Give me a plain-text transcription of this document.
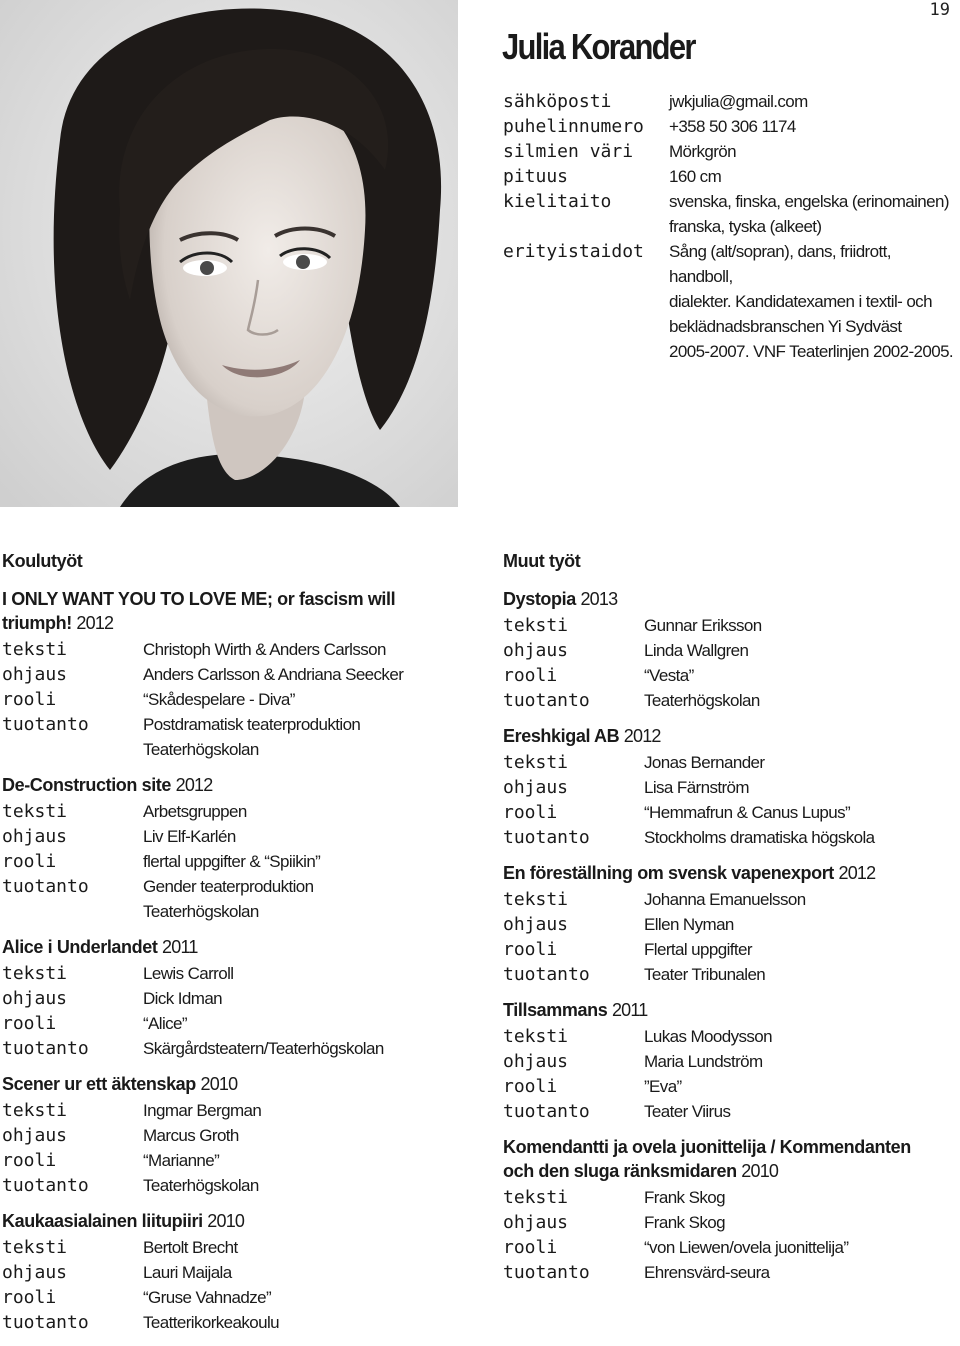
19
Julia Korander
sähköposti	jwkjulia@gmail.com
puhelinnumero	+358 50 306 1174
silmien väri	Mörkgrön
pituus	160 cm
kielitaito	svenska, finska, engelska (erinomainen)
franska, tyska (alkeet)
erityistaidot	Sång (alt/sopran), dans, friidrott, handboll,
dialekter. Kandidatexamen i textil- och
beklädnadsbranschen Yi Sydväst
2005-2007. VNF Teaterlinjen 2002-2005.
Koulutyöt
I ONLY WANT YOU TO LOVE ME; or fascism will
triumph! 2012
teksti	Christoph Wirth & Anders Carlsson
ohjaus	Anders Carlsson & Andriana Seecker
rooli	“Skådespelare - Diva”
tuotanto	Postdramatisk teaterproduktion
Teaterhögskolan
De-Construction site 2012
teksti	Arbetsgruppen
ohjaus	Liv Elf-Karlén
rooli	flertal uppgifter & “Spiikin”
tuotanto	Gender teaterproduktion
Teaterhögskolan
Alice i Underlandet 2011
teksti	Lewis Carroll
ohjaus	Dick Idman
rooli	“Alice”
tuotanto	Skärgårdsteatern/Teaterhögskolan
Scener ur ett äktenskap 2010
teksti	Ingmar Bergman
ohjaus	Marcus Groth
rooli	“Marianne”
tuotanto	Teaterhögskolan
Kaukaasialainen liitupiiri 2010
teksti	Bertolt Brecht
ohjaus	Lauri Maijala
rooli	“Gruse Vahnadze”
tuotanto	Teatterikorkeakoulu
Muut työt
Dystopia 2013
teksti	Gunnar Eriksson
ohjaus	Linda Wallgren
rooli	“Vesta”
tuotanto	Teaterhögskolan
Ereshkigal AB 2012
teksti	Jonas Bernander
ohjaus	Lisa Färnström
rooli	“Hemmafrun & Canus Lupus”
tuotanto	Stockholms dramatiska högskola
En föreställning om svensk vapenexport 2012
teksti	Johanna Emanuelsson
ohjaus	Ellen Nyman
rooli	Flertal uppgifter
tuotanto	Teater Tribunalen
Tillsammans 2011
teksti	Lukas Moodysson
ohjaus	Maria Lundström
rooli	”Eva”
tuotanto	Teater Viirus
Komendantti ja ovela juonittelija / Kommendanten
och den sluga ränksmidaren 2010
teksti	Frank Skog
ohjaus	Frank Skog
rooli	“von Liewen/ovela juonittelija”
tuotanto	Ehrensvärd-seura
